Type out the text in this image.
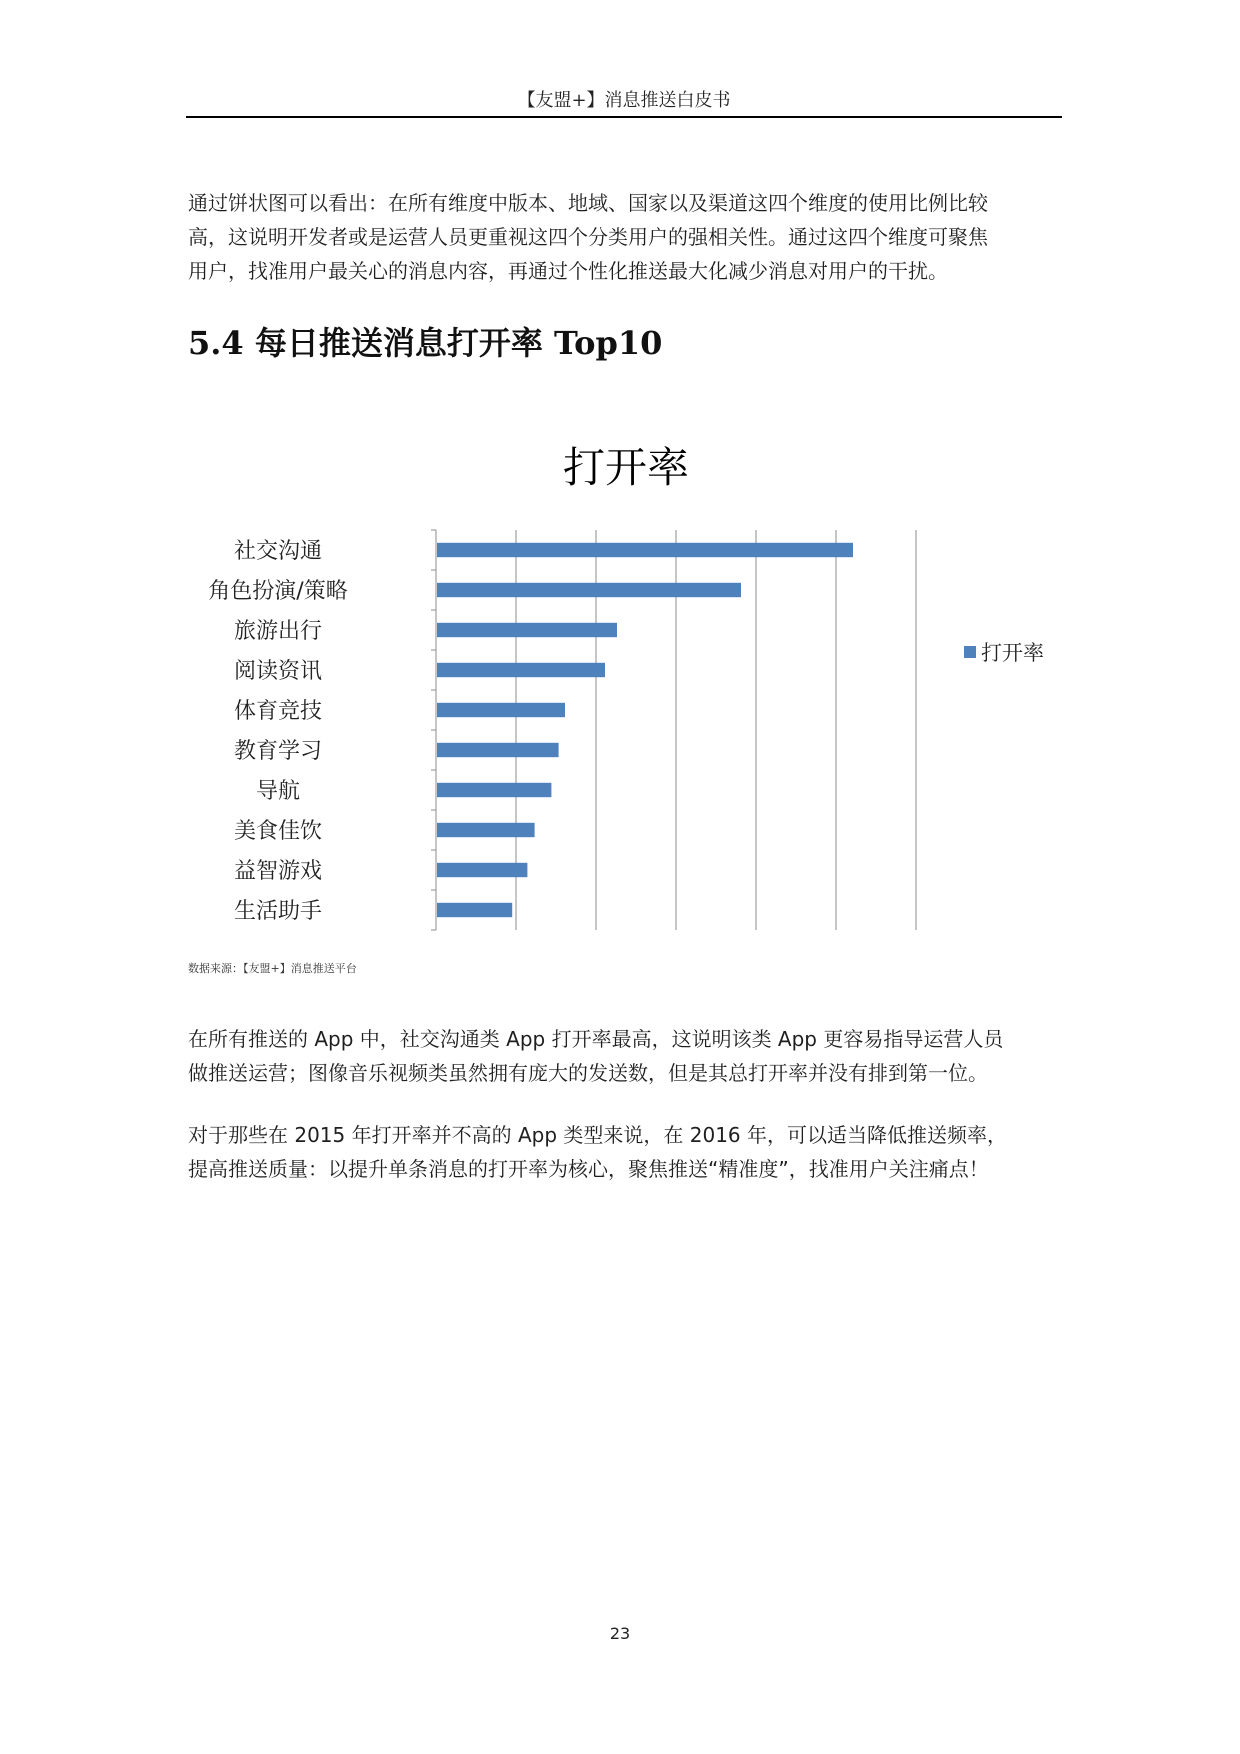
【友盟+】消息推送白皮书

通过饼状图可以看出：在所有维度中版本、地域、国家以及渠道这四个维度的使用比例比较
高，这说明开发者或是运营人员更重视这四个分类用户的强相关性。通过这四个维度可聚焦
用户，找准用户最关心的消息内容，再通过个性化推送最大化减少消息对用户的干扰。

5.4 每日推送消息打开率 Top10
打开率
社交沟通
角色扮演/策略
旅游出行
阅读资讯
体育竞技
教育学习
导航
美食佳饮
益智游戏
生活助手
打开率
数据来源：【友盟+】消息推送平台

在所有推送的 App 中，社交沟通类 App 打开率最高，这说明该类 App 更容易指导运营人员
做推送运营；图像音乐视频类虽然拥有庞大的发送数，但是其总打开率并没有排到第一位。

对于那些在 2015 年打开率并不高的 App 类型来说，在 2016 年，可以适当降低推送频率，
提高推送质量：以提升单条消息的打开率为核心，聚焦推送“精准度”，找准用户关注痛点！

23
